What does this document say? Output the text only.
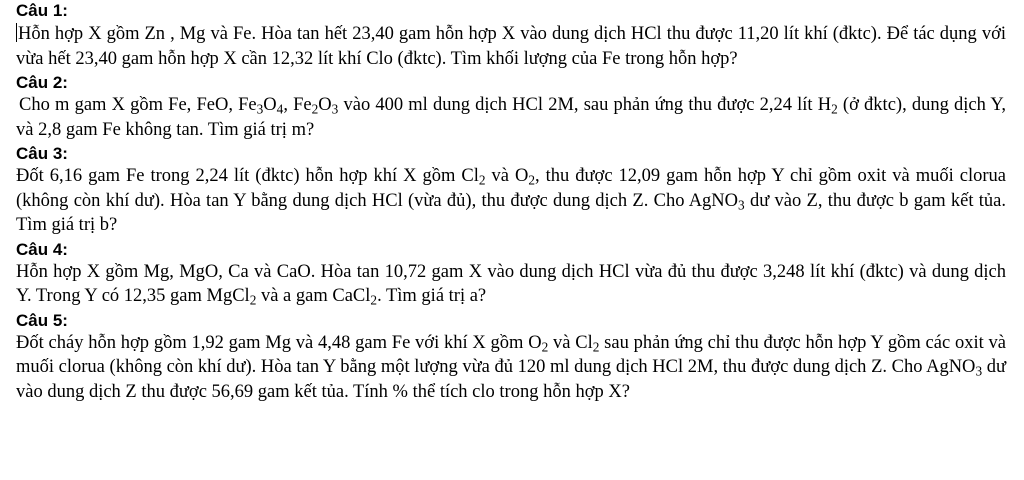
Câu 1:

Hỗn hợp X gồm Zn , Mg và Fe. Hòa tan hết 23,40 gam hỗn hợp X vào dung dịch HCl thu được 11,20 lít khí (đktc). Để tác dụng với vừa hết 23,40 gam hỗn hợp X cần 12,32 lít khí Clo (đktc). Tìm khối lượng của Fe trong hỗn hợp?

Câu 2:

Cho m gam X gồm Fe, FeO, $Fe_3O_4$, $Fe_2O_3$ vào 400 ml dung dịch HCl 2M, sau phản ứng thu được 2,24 lít $H_2$ (ở đktc), dung dịch Y, và 2,8 gam Fe không tan. Tìm giá trị m?

Câu 3:

Đốt 6,16 gam Fe trong 2,24 lít (đktc) hỗn hợp khí X gồm $Cl_2$ và $O_2$, thu được 12,09 gam hỗn hợp Y chỉ gồm oxit và muối clorua (không còn khí dư). Hòa tan Y bằng dung dịch HCl (vừa đủ), thu được dung dịch Z. Cho AgNO$_3$ dư vào Z, thu được b gam kết tủa. Tìm giá trị b?

Câu 4:

Hỗn hợp X gồm Mg, MgO, Ca và CaO. Hòa tan 10,72 gam X vào dung dịch HCl vừa đủ thu được 3,248 lít khí (đktc) và dung dịch Y. Trong Y có 12,35 gam MgCl$_2$ và a gam CaCl$_2$. Tìm giá trị a?

Câu 5:

Đốt cháy hỗn hợp gồm 1,92 gam Mg và 4,48 gam Fe với khí X gồm $O_2$ và $Cl_2$ sau phản ứng chỉ thu được hỗn hợp Y gồm các oxit và muối clorua (không còn khí dư). Hòa tan Y bằng một lượng vừa đủ 120 ml dung dịch HCl 2M, thu được dung dịch Z. Cho AgNO$_3$ dư vào dung dịch Z thu được 56,69 gam kết tủa. Tính % thể tích clo trong hỗn hợp X?
